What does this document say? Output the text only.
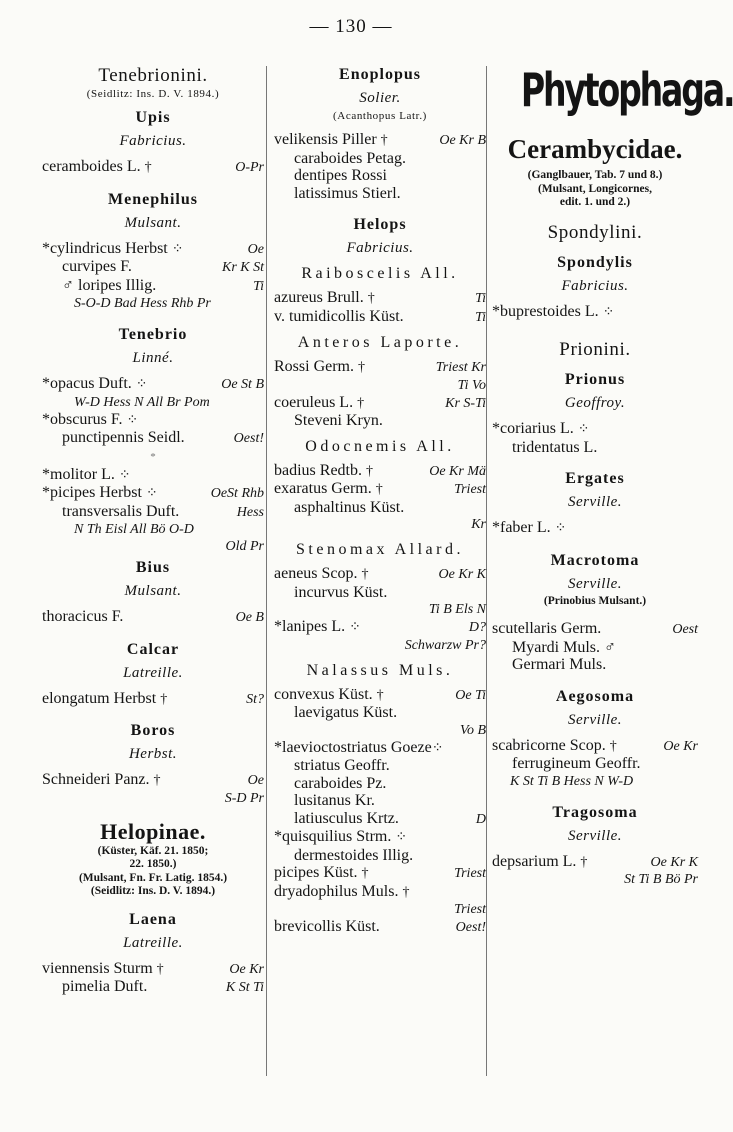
— 130 —
Tenebrionini.
(Seidlitz: Ins. D. V. 1894.)
Upis
Fabricius.
ceramboides L. †	O-Pr
Menephilus
Mulsant.
*cylindricus Herbst ⁘	Oe
curvipes F.	Kr K St
♂ loripes Illig.	Ti
S-O-D Bad Hess Rhb Pr
Tenebrio
Linné.
*opacus Duft. ⁘	Oe St B
W-D Hess N All Br Pom
*obscurus F. ⁘
punctipennis Seidl.	Oest!
*
*molitor L. ⁘
*picipes Herbst ⁘	OeSt Rhb
transversalis Duft.	Hess
N Th Eisl All Bö O-D
Old Pr
Bius
Mulsant.
thoracicus F.	Oe B
Calcar
Latreille.
elongatum Herbst †	St?
Boros
Herbst.
Schneideri Panz. †	Oe
S-D Pr
Helopinae.
(Küster, Käf. 21. 1850;
22. 1850.)
(Mulsant, Fn. Fr. Latig. 1854.)
(Seidlitz: Ins. D. V. 1894.)
Laena
Latreille.
viennensis Sturm †	Oe Kr
pimelia Duft.	K St Ti
Enoplopus
Solier.
(Acanthopus Latr.)
velikensis Piller †	Oe Kr B
caraboides Petag.
dentipes Rossi
latissimus Stierl.
Helops
Fabricius.
Raiboscelis All.
azureus Brull. †	Ti
v. tumidicollis Küst.	Ti
Anteros Laporte.
Rossi Germ. †	Triest Kr
Ti Vo
coeruleus L. †	Kr S-Ti
Steveni Kryn.
Odocnemis All.
badius Redtb. †	Oe Kr Mä
exaratus Germ. †	Triest
asphaltinus Küst.
Kr
Stenomax Allard.
aeneus Scop. †	Oe Kr K
incurvus Küst.
Ti B Els N
*lanipes L. ⁘	D?
Schwarzw Pr?
Nalassus Muls.
convexus Küst. †	Oe Ti
laevigatus Küst.
Vo B
*laevioctostriatus Goeze⁘
striatus Geoffr.
caraboides Pz.
lusitanus Kr.
latiusculus Krtz.	D
*quisquilius Strm. ⁘
dermestoides Illig.
picipes Küst. †	Triest
dryadophilus Muls. †
Triest
brevicollis Küst.	Oest!
Phytophaga.
Cerambycidae.
(Ganglbauer, Tab. 7 und 8.)
(Mulsant, Longicornes,
edit. 1. und 2.)
Spondylini.
Spondylis
Fabricius.
*buprestoides L. ⁘
Prionini.
Prionus
Geoffroy.
*coriarius L. ⁘
tridentatus L.
Ergates
Serville.
*faber L. ⁘
Macrotoma
Serville.
(Prinobius Mulsant.)
scutellaris Germ.	Oest
Myardi Muls. ♂
Germari Muls.
Aegosoma
Serville.
scabricorne Scop. †	Oe Kr
ferrugineum Geoffr.
K St Ti B Hess N W-D
Tragosoma
Serville.
depsarium L. †	Oe Kr K
St Ti B Bö Pr
